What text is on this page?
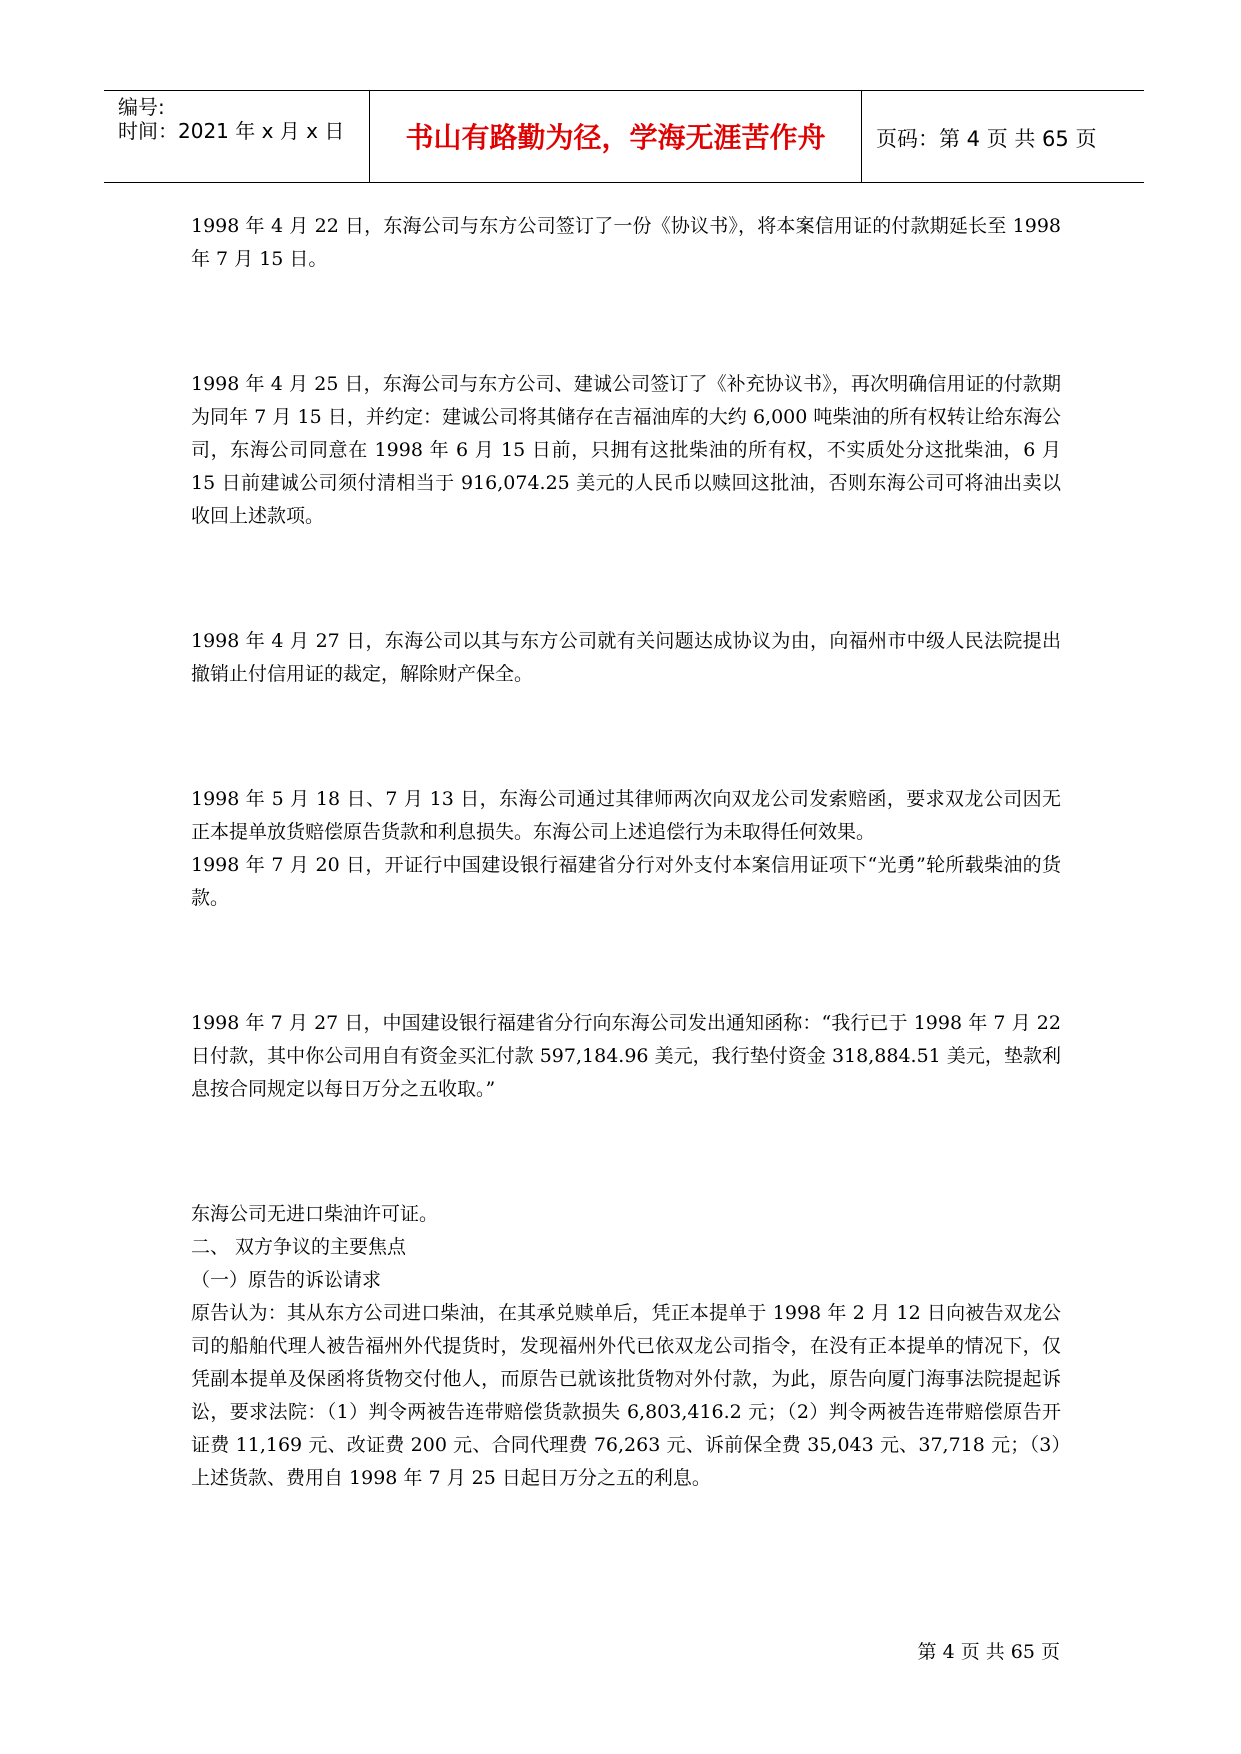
编号:
时间：2021 年 x 月 x 日	书山有路勤为径，学海无涯苦作舟	页码：第 4 页 共 65 页

1998 年 4 月 22 日，东海公司与东方公司签订了一份《协议书》，将本案信用证的付款期延长至 1998 年 7 月 15 日。

1998 年 4 月 25 日，东海公司与东方公司、建诚公司签订了《补充协议书》，再次明确信用证的付款期为同年 7 月 15 日，并约定：建诚公司将其储存在吉福油库的大约 6,000 吨柴油的所有权转让给东海公司，东海公司同意在 1998 年 6 月 15 日前，只拥有这批柴油的所有权，不实质处分这批柴油，6 月 15 日前建诚公司须付清相当于 916,074.25 美元的人民币以赎回这批油，否则东海公司可将油出卖以收回上述款项。

1998 年 4 月 27 日，东海公司以其与东方公司就有关问题达成协议为由，向福州市中级人民法院提出撤销止付信用证的裁定，解除财产保全。

1998 年 5 月 18 日、7 月 13 日，东海公司通过其律师两次向双龙公司发索赔函，要求双龙公司因无正本提单放货赔偿原告货款和利息损失。东海公司上述追偿行为未取得任何效果。

1998 年 7 月 20 日，开证行中国建设银行福建省分行对外支付本案信用证项下“光勇”轮所载柴油的货款。

1998 年 7 月 27 日，中国建设银行福建省分行向东海公司发出通知函称：“我行已于 1998 年 7 月 22 日付款，其中你公司用自有资金买汇付款 597,184.96 美元，我行垫付资金 318,884.51 美元，垫款利息按合同规定以每日万分之五收取。”

东海公司无进口柴油许可证。

二、 双方争议的主要焦点

（一）原告的诉讼请求

原告认为：其从东方公司进口柴油，在其承兑赎单后，凭正本提单于 1998 年 2 月 12 日向被告双龙公司的船舶代理人被告福州外代提货时，发现福州外代已依双龙公司指令，在没有正本提单的情况下，仅凭副本提单及保函将货物交付他人，而原告已就该批货物对外付款，为此，原告向厦门海事法院提起诉讼，要求法院：（1）判令两被告连带赔偿货款损失 6,803,416.2 元；（2）判令两被告连带赔偿原告开证费 11,169 元、改证费 200 元、合同代理费 76,263 元、诉前保全费 35,043 元、37,718 元；（3）上述货款、费用自 1998 年 7 月 25 日起日万分之五的利息。

第 4 页 共 65 页
